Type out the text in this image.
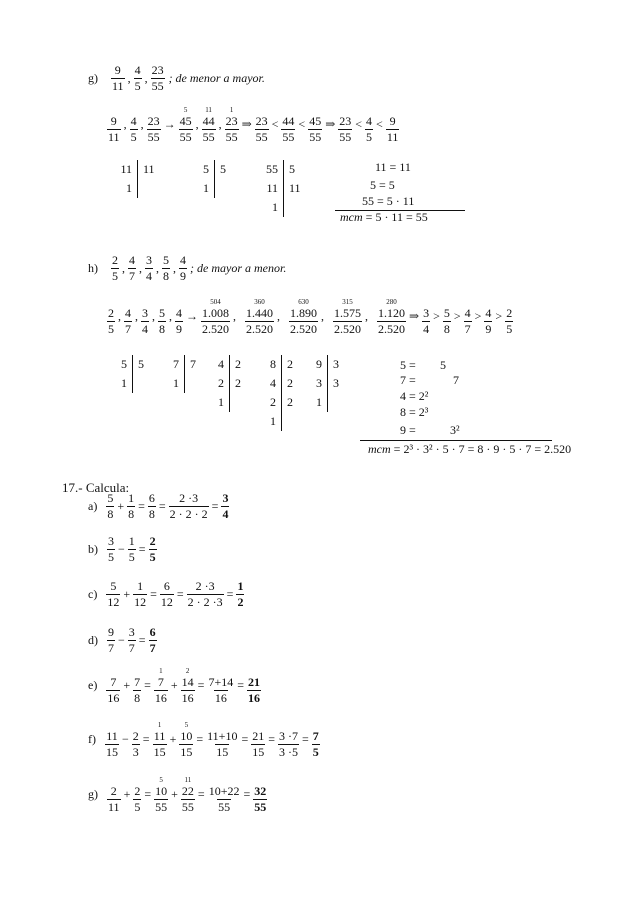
$g) \frac{9}{11}$ , $\frac{4}{5}$ , $\frac{23}{55}$ ; de menor a mayor.
$\frac{9}{11}$ , $\frac{4}{5}$ , $\frac{23}{55}$ →
5
45
55
,
11
44
55
,
1
23
55
⇒ $\frac{23}{55} < \frac{44}{55} < \frac{45}{55}$ ⇒ $\frac{23}{55} < \frac{4}{5} < \frac{9}{11}$
11 11
1
5 5
1
55 5
11 11
1
11 = 11
5 = 5
55 = 5 · 11
mcm = 5 · 11 = 55
$h) \frac{2}{5}$ , $\frac{4}{7}$ , $\frac{3}{4}$ , $\frac{5}{8}$ , $\frac{4}{9}$ ; de mayor a menor.
$\frac{2}{5}$ , $\frac{4}{7}$ , $\frac{3}{4}$ , $\frac{5}{8}$ , $\frac{4}{9}$ →
504
1.008
2.520
,
360
1.440
2.520
,
630
1.890
2.520
,
315
1.575
2.520
,
280
1.120
2.520
⇒ $\frac{3}{4} > \frac{5}{8} > \frac{4}{7} > \frac{4}{9} > \frac{2}{5}$
5 5
1
7 7
1
4 2
2 2
1
8 2
4 2
2 2
1
9 3
3 3
1
5 = 5
7 =	7
4 = 2²
8 = 2³
9 =	3²
mcm = 2³ · 3² · 5 · 7 = 8 · 9 · 5 · 7 = 2.520
17.- Calcula:
$a) \frac{5}{8} + \frac{1}{8} = \frac{6}{8} = \frac{2 \cdot 3}{2 \cdot 2 \cdot 2} = \frac{3}{4}$
$b) \frac{3}{5} - \frac{1}{5} = \frac{2}{5}$
$c) \frac{5}{12} + \frac{1}{12} = \frac{6}{12} = \frac{2 \cdot 3}{2 \cdot 2 \cdot 3} = \frac{1}{2}$
$d) \frac{9}{7} - \frac{3}{7} = \frac{6}{7}$
$e) \frac{7}{16} + \frac{7}{8}$ =
1
7
16
+
2
14
16
= $\frac{7+14}{16} = \frac{21}{16}$
$f) \frac{11}{15} - \frac{2}{3}$ =
1
11
15
+
5
10
15
= $\frac{11+10}{15} = \frac{21}{15} = \frac{3 \cdot 7}{3 \cdot 5} = \frac{7}{5}$
$g) \frac{2}{11} + \frac{2}{5}$ =
5
10
55
+
11
22
55
= $\frac{10+22}{55} = \frac{32}{55}$
